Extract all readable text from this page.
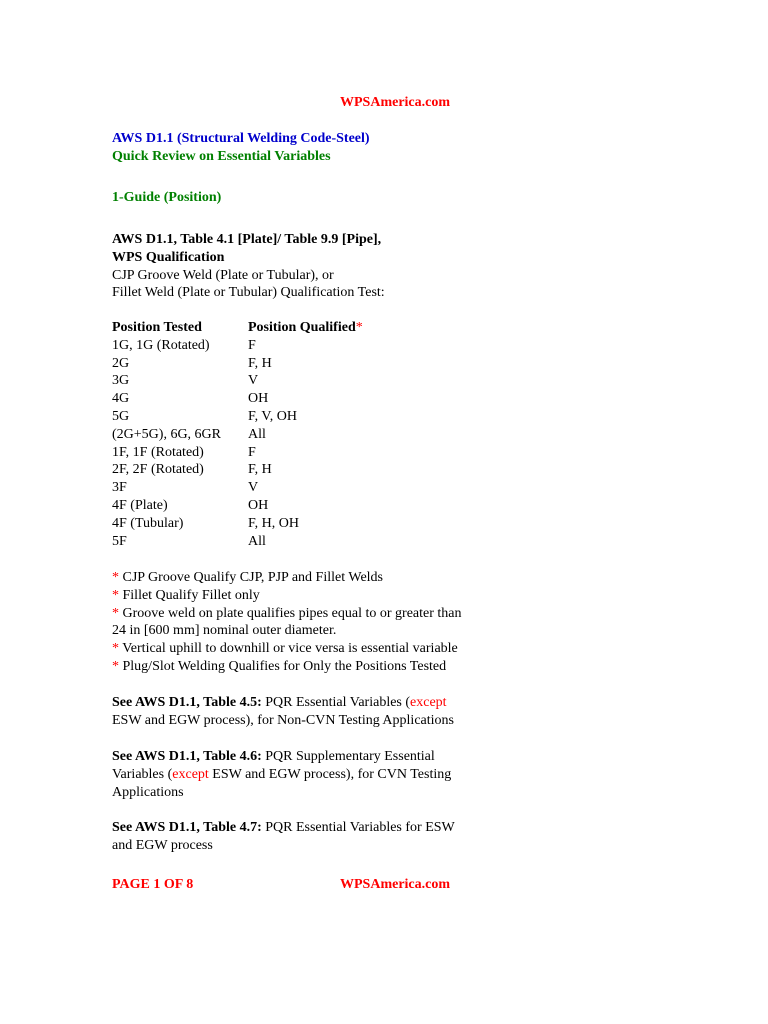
WPSAmerica.com
AWS D1.1 (Structural Welding Code-Steel)
Quick Review on Essential Variables
1-Guide (Position)
AWS D1.1, Table 4.1 [Plate]/ Table 9.9 [Pipe],
WPS Qualification
CJP Groove Weld (Plate or Tubular), or
Fillet Weld (Plate or Tubular) Qualification Test:
Position Tested	Position Qualified*
1G, 1G (Rotated)	F
2G	F, H
3G	V
4G	OH
5G	F, V, OH
(2G+5G), 6G, 6GR	All
1F, 1F (Rotated)	F
2F, 2F (Rotated)	F, H
3F	V
4F (Plate)	OH
4F (Tubular)	F, H, OH
5F	All
* CJP Groove Qualify CJP, PJP and Fillet Welds
* Fillet Qualify Fillet only
* Groove weld on plate qualifies pipes equal to or greater than
24 in [600 mm] nominal outer diameter.
* Vertical uphill to downhill or vice versa is essential variable
* Plug/Slot Welding Qualifies for Only the Positions Tested
See AWS D1.1, Table 4.5: PQR Essential Variables (except
ESW and EGW process), for Non-CVN Testing Applications
See AWS D1.1, Table 4.6: PQR Supplementary Essential
Variables (except ESW and EGW process), for CVN Testing
Applications
See AWS D1.1, Table 4.7: PQR Essential Variables for ESW
and EGW process
PAGE 1 OF 8	WPSAmerica.com
